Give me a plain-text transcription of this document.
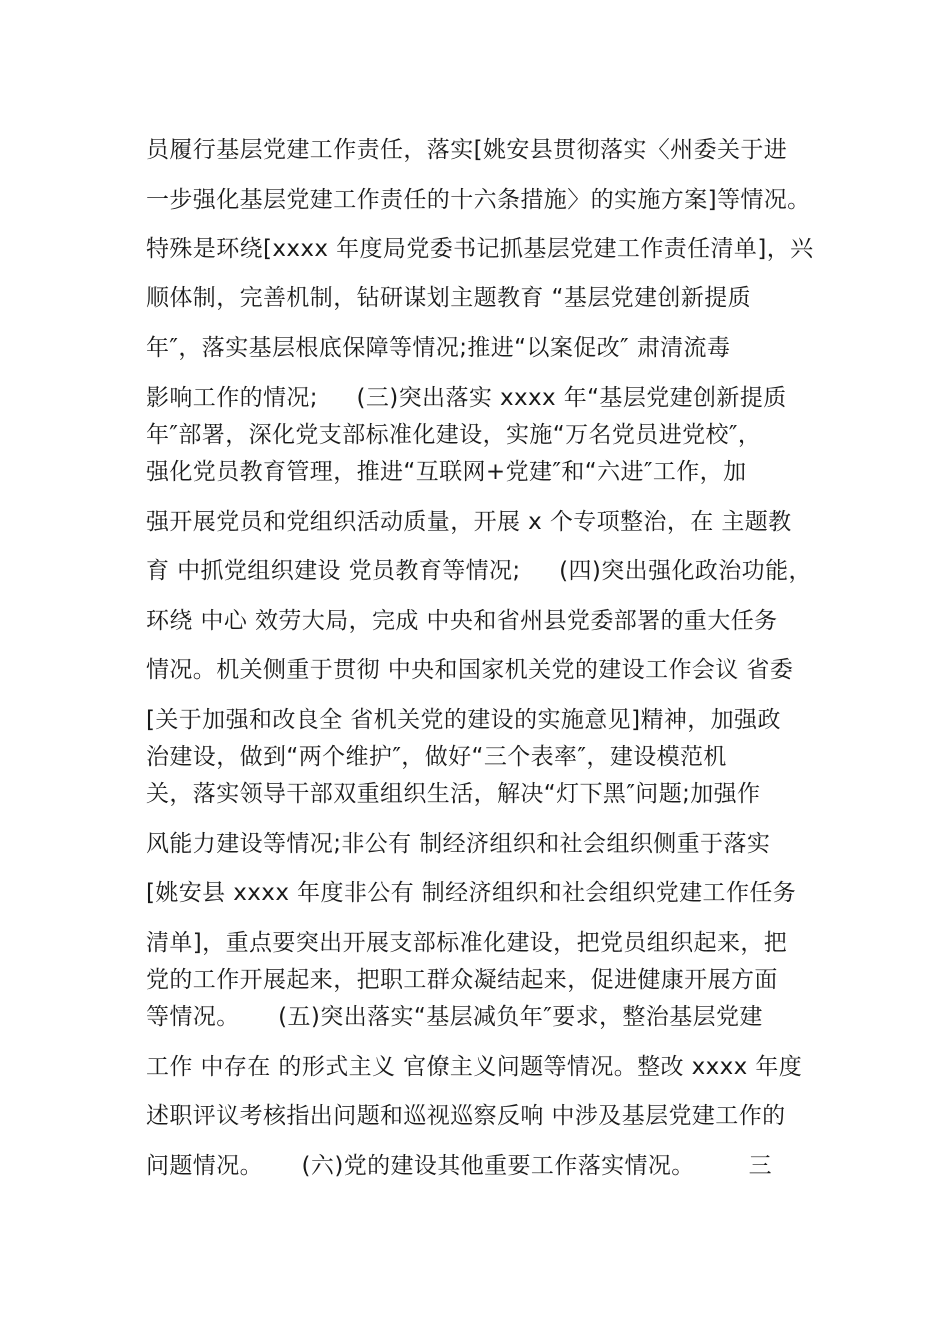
员履行基层党建工作责任，落实[姚安县贯彻落实〈州委关于进
一步强化基层党建工作责任的十六条措施〉的实施方案]等情况。
特殊是环绕[xxxx 年度局党委书记抓基层党建工作责任清单]，兴
顺体制，完善机制，钻研谋划主题教育 “基层党建创新提质
年″，落实基层根底保障等情况;推进“以案促改″ 肃清流毒
影响工作的情况;     (三)突出落实 xxxx 年“基层党建创新提质
年″部署，深化党支部标准化建设，实施“万名党员进党校″，
强化党员教育管理，推进“互联网+党建″和“六进″工作，加
强开展党员和党组织活动质量，开展 x 个专项整治，在 主题教
育 中抓党组织建设 党员教育等情况;     (四)突出强化政治功能，
环绕 中心 效劳大局，完成 中央和省州县党委部署的重大任务
情况。机关侧重于贯彻 中央和国家机关党的建设工作会议 省委
[关于加强和改良全 省机关党的建设的实施意见]精神，加强政
治建设，做到“两个维护″，做好“三个表率″，建设模范机
关，落实领导干部双重组织生活，解决“灯下黑″问题;加强作
风能力建设等情况;非公有 制经济组织和社会组织侧重于落实
[姚安县 xxxx 年度非公有 制经济组织和社会组织党建工作任务
清单]，重点要突出开展支部标准化建设，把党员组织起来，把
党的工作开展起来，把职工群众凝结起来，促进健康开展方面
等情况。     (五)突出落实“基层减负年″要求，整治基层党建
工作 中存在 的形式主义 官僚主义问题等情况。整改 xxxx 年度
述职评议考核指出问题和巡视巡察反响 中涉及基层党建工作的
问题情况。     (六)党的建设其他重要工作落实情况。       三
